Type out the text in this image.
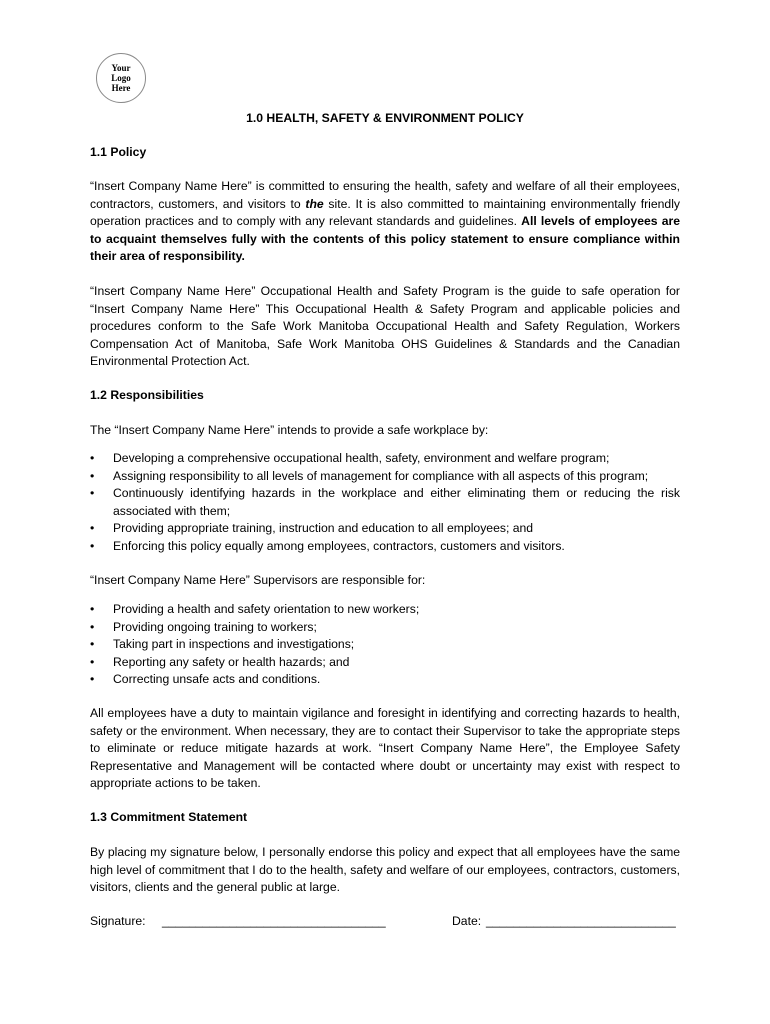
Your
Logo
Here
1.0 HEALTH, SAFETY & ENVIRONMENT POLICY
1.1 Policy

“Insert Company Name Here” is committed to ensuring the health, safety and welfare of all their employees, contractors, customers, and visitors to the site. It is also committed to maintaining environmentally friendly operation practices and to comply with any relevant standards and guidelines. All levels of employees are to acquaint themselves fully with the contents of this policy statement to ensure compliance within their area of responsibility.

“Insert Company Name Here” Occupational Health and Safety Program is the guide to safe operation for “Insert Company Name Here” This Occupational Health & Safety Program and applicable policies and procedures conform to the Safe Work Manitoba Occupational Health and Safety Regulation, Workers Compensation Act of Manitoba, Safe Work Manitoba OHS Guidelines & Standards and the Canadian Environmental Protection Act.

1.2 Responsibilities

The “Insert Company Name Here” intends to provide a safe workplace by:

• Developing a comprehensive occupational health, safety, environment and welfare program;
• Assigning responsibility to all levels of management for compliance with all aspects of this program;
• Continuously identifying hazards in the workplace and either eliminating them or reducing the risk associated with them;
• Providing appropriate training, instruction and education to all employees; and
• Enforcing this policy equally among employees, contractors, customers and visitors.

“Insert Company Name Here” Supervisors are responsible for:

• Providing a health and safety orientation to new workers;
• Providing ongoing training to workers;
• Taking part in inspections and investigations;
• Reporting any safety or health hazards; and
• Correcting unsafe acts and conditions.

All employees have a duty to maintain vigilance and foresight in identifying and correcting hazards to health, safety or the environment. When necessary, they are to contact their Supervisor to take the appropriate steps to eliminate or reduce mitigate hazards at work. “Insert Company Name Here”, the Employee Safety Representative and Management will be contacted where doubt or uncertainty may exist with respect to appropriate actions to be taken.

1.3 Commitment Statement

By placing my signature below, I personally endorse this policy and expect that all employees have the same high level of commitment that I do to the health, safety and welfare of our employees, contractors, customers, visitors, clients and the general public at large.

Signature: _________________________________	Date: ____________________________
